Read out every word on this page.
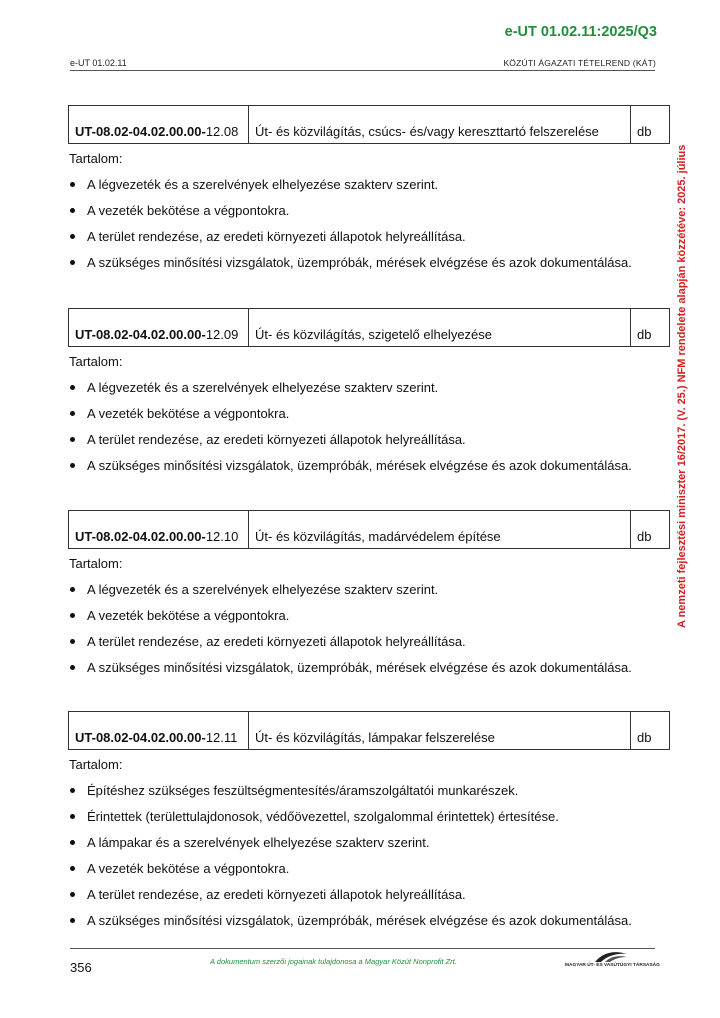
e-UT 01.02.11:2025/Q3
e-UT 01.02.11	KÖZÚTI ÁGAZATI TÉTELREND (KÁT)
A nemzeti fejlesztési miniszter 16/2017. (V. 25.) NFM rendelete alapján közzétéve: 2025. július
UT-08.02-04.02.00.00- 12.08	Út- és közvilágítás, csúcs- és/vagy kereszttartó felszerelése	db
Tartalom:
A légvezeték és a szerelvények elhelyezése szakterv szerint.
A vezeték bekötése a végpontokra.
A terület rendezése, az eredeti környezeti állapotok helyreállítása.
A szükséges minősítési vizsgálatok, üzempróbák, mérések elvégzése és azok dokumentálása.
UT-08.02-04.02.00.00- 12.09	Út- és közvilágítás, szigetelő elhelyezése	db
Tartalom:
A légvezeték és a szerelvények elhelyezése szakterv szerint.
A vezeték bekötése a végpontokra.
A terület rendezése, az eredeti környezeti állapotok helyreállítása.
A szükséges minősítési vizsgálatok, üzempróbák, mérések elvégzése és azok dokumentálása.
UT-08.02-04.02.00.00- 12.10	Út- és közvilágítás, madárvédelem építése	db
Tartalom:
A légvezeték és a szerelvények elhelyezése szakterv szerint.
A vezeték bekötése a végpontokra.
A terület rendezése, az eredeti környezeti állapotok helyreállítása.
A szükséges minősítési vizsgálatok, üzempróbák, mérések elvégzése és azok dokumentálása.
UT-08.02-04.02.00.00- 12.11	Út- és közvilágítás, lámpakar felszerelése	db
Tartalom:
Építéshez szükséges feszültségmentesítés/áramszolgáltatói munkarészek.
Érintettek (területtulajdonosok, védőövezettel, szolgalommal érintettek) értesítése.
A lámpakar és a szerelvények elhelyezése szakterv szerint.
A vezeték bekötése a végpontokra.
A terület rendezése, az eredeti környezeti állapotok helyreállítása.
A szükséges minősítési vizsgálatok, üzempróbák, mérések elvégzése és azok dokumentálása.
356	A dokumentum szerzői jogainak tulajdonosa a Magyar Közút Nonprofit Zrt.	MAGYAR ÚT- ÉS VASÚTÜGYI TÁRSASÁG
